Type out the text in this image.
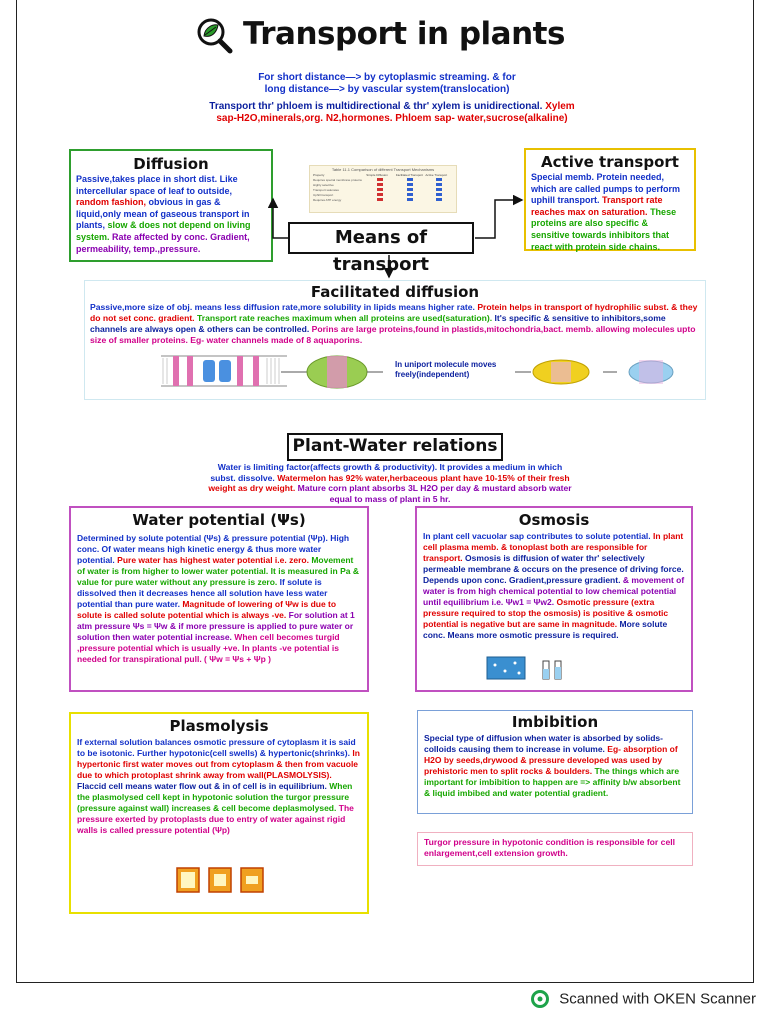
Transport in plants
For short distance—> by cytoplasmic streaming. & for
long distance—> by vascular system(translocation)
Transport thr' phloem is multidirectional & thr' xylem is unidirectional. Xylem
sap-H2O,minerals,org. N2,hormones. Phloem sap- water,sucrose(alkaline)
Diffusion
Passive,takes place in short dist. Like intercellular space of leaf to outside, random fashion, obvious in gas & liquid,only mean of gaseous transport in plants, slow & does not depend on living system. Rate affected by conc. Gradient, permeability, temp.,pressure.
Table 11.1 Comparison of different Transport Mechanisms
Property	Simple Diffusion	Facilitated Transport Active Transport
Requires special membrane proteins
Highly selective
Transport saturates
Uphill transport
Requires ATP energy
Active transport
Special memb. Protein needed, which are called pumps to perform uphill transport. Transport rate reaches max on saturation. These proteins are also specific & sensitive towards inhibitors that react with protein side chains.
Means of transport
Facilitated diffusion
Passive,more size of obj. means less diffusion rate,more solubility in lipids means higher rate. Protein helps in transport of hydrophilic subst. & they do not set conc. gradient. Transport rate reaches maximum when all proteins are used(saturation). It's specific & sensitive to inhibitors,some channels are always open & others can be controlled. Porins are large proteins,found in plastids,mitochondria,bact. memb. allowing molecules upto size of smaller proteins. Eg- water channels made of 8 aquaporins.
In uniport molecule moves freely(independent)
Plant-Water relations
Water is limiting factor(affects growth & productivity). It provides a medium in which subst. dissolve. Watermelon has 92% water,herbaceous plant have 10-15% of their fresh weight as dry weight. Mature corn plant absorbs 3L H2O per day & mustard absorb water equal to mass of plant in 5 hr.
Water potential (Ψs)
Determined by solute potential (Ψs) & pressure potential (Ψp). High conc. Of water means high kinetic energy & thus more water potential. Pure water has highest water potential i.e. zero. Movement of water is from higher to lower water potential. It is measured in Pa & value for pure water without any pressure is zero. If solute is dissolved then it decreases hence all solution have less water potential than pure water. Magnitude of lowering of Ψw is due to solute is called solute potential which is always -ve. For solution at 1 atm pressure Ψs = Ψw & if more pressure is applied to pure water or solution then water potential increase. When cell becomes turgid ,pressure potential which is usually +ve. In plants -ve potential is needed for transpirational pull. ( Ψw = Ψs + Ψp )
Osmosis
In plant cell vacuolar sap contributes to solute potential. In plant cell plasma memb. & tonoplast both are responsible for transport. Osmosis is diffusion of water thr' selectively permeable membrane & occurs on the presence of driving force. Depends upon conc. Gradient,pressure gradient. & movement of water is from high chemical potential to low chemical potential until equilibrium i.e. Ψw1 = Ψw2. Osmotic pressure (extra pressure required to stop the osmosis) is positive & osmotic potential is negative but are same in magnitude. More solute conc. Means more osmotic pressure is required.
Plasmolysis
If external solution balances osmotic pressure of cytoplasm it is said to be isotonic. Further hypotonic(cell swells) & hypertonic(shrinks). In hypertonic first water moves out from cytoplasm & then from vacuole due to which protoplast shrink away from wall(PLASMOLYSIS). Flaccid cell means water flow out & in of cell is in equilibrium. When the plasmolysed cell kept in hypotonic solution the turgor pressure (pressure against wall) increases & cell become deplasmolysed. The pressure exerted by protoplasts due to entry of water against rigid walls is called pressure potential (Ψp)
Imbibition
Special type of diffusion when water is absorbed by solids-colloids causing them to increase in volume. Eg- absorption of H2O by seeds,drywood & pressure developed was used by prehistoric men to split rocks & boulders. The things which are important for imbibition to happen are => affinity b/w absorbent & liquid imbibed and water potential gradient.
Turgor pressure in hypotonic condition is responsible for cell enlargement,cell extension growth.
Scanned with OKEN Scanner
